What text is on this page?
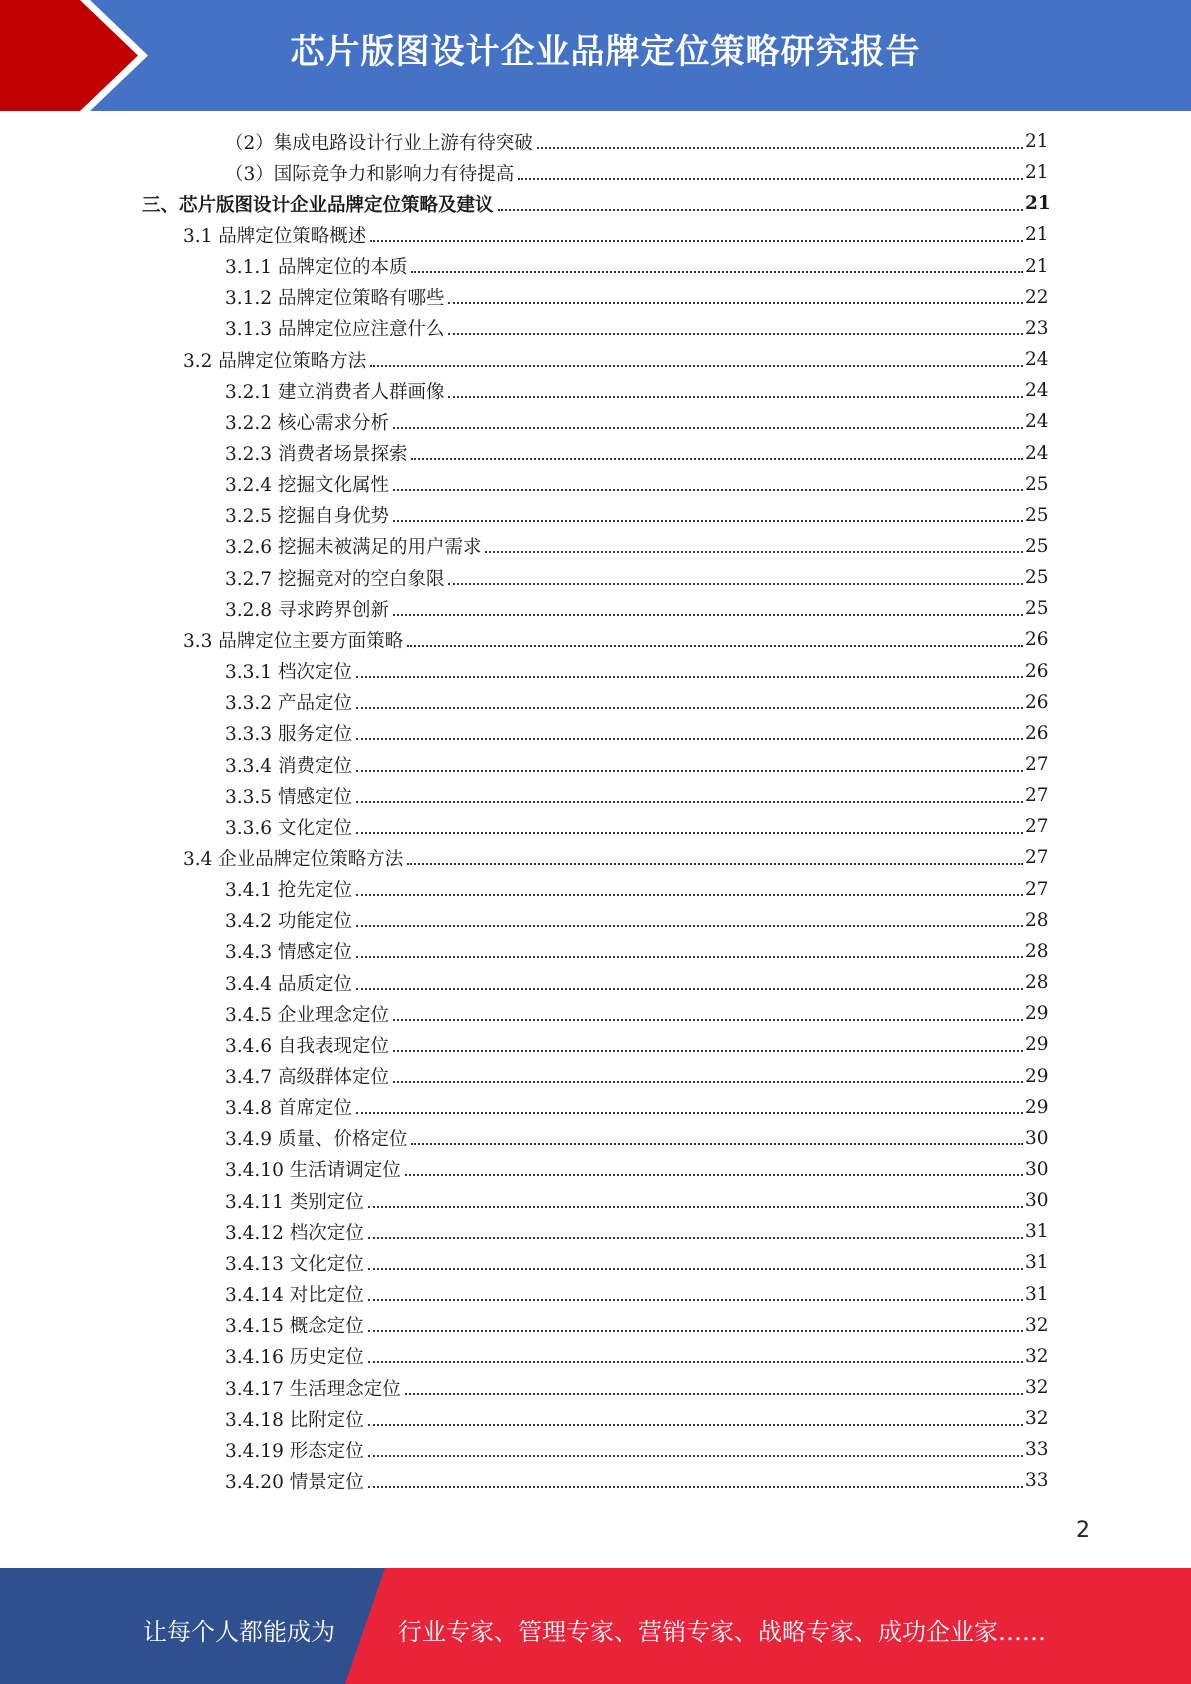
芯片版图设计企业品牌定位策略研究报告
（2）集成电路设计行业上游有待突破	21
（3）国际竞争力和影响力有待提高	21
三、芯片版图设计企业品牌定位策略及建议	21
3.1 品牌定位策略概述	21
3.1.1 品牌定位的本质	21
3.1.2 品牌定位策略有哪些	22
3.1.3 品牌定位应注意什么	23
3.2 品牌定位策略方法	24
3.2.1 建立消费者人群画像	24
3.2.2 核心需求分析	24
3.2.3 消费者场景探索	24
3.2.4 挖掘文化属性	25
3.2.5 挖掘自身优势	25
3.2.6 挖掘未被满足的用户需求	25
3.2.7 挖掘竞对的空白象限	25
3.2.8 寻求跨界创新	25
3.3 品牌定位主要方面策略	26
3.3.1 档次定位	26
3.3.2 产品定位	26
3.3.3 服务定位	26
3.3.4 消费定位	27
3.3.5 情感定位	27
3.3.6 文化定位	27
3.4 企业品牌定位策略方法	27
3.4.1 抢先定位	27
3.4.2 功能定位	28
3.4.3 情感定位	28
3.4.4 品质定位	28
3.4.5 企业理念定位	29
3.4.6 自我表现定位	29
3.4.7 高级群体定位	29
3.4.8 首席定位	29
3.4.9 质量、价格定位	30
3.4.10 生活请调定位	30
3.4.11 类别定位	30
3.4.12 档次定位	31
3.4.13 文化定位	31
3.4.14 对比定位	31
3.4.15 概念定位	32
3.4.16 历史定位	32
3.4.17 生活理念定位	32
3.4.18 比附定位	32
3.4.19 形态定位	33
3.4.20 情景定位	33
2
让每个人都能成为	行业专家、管理专家、营销专家、战略专家、成功企业家……
